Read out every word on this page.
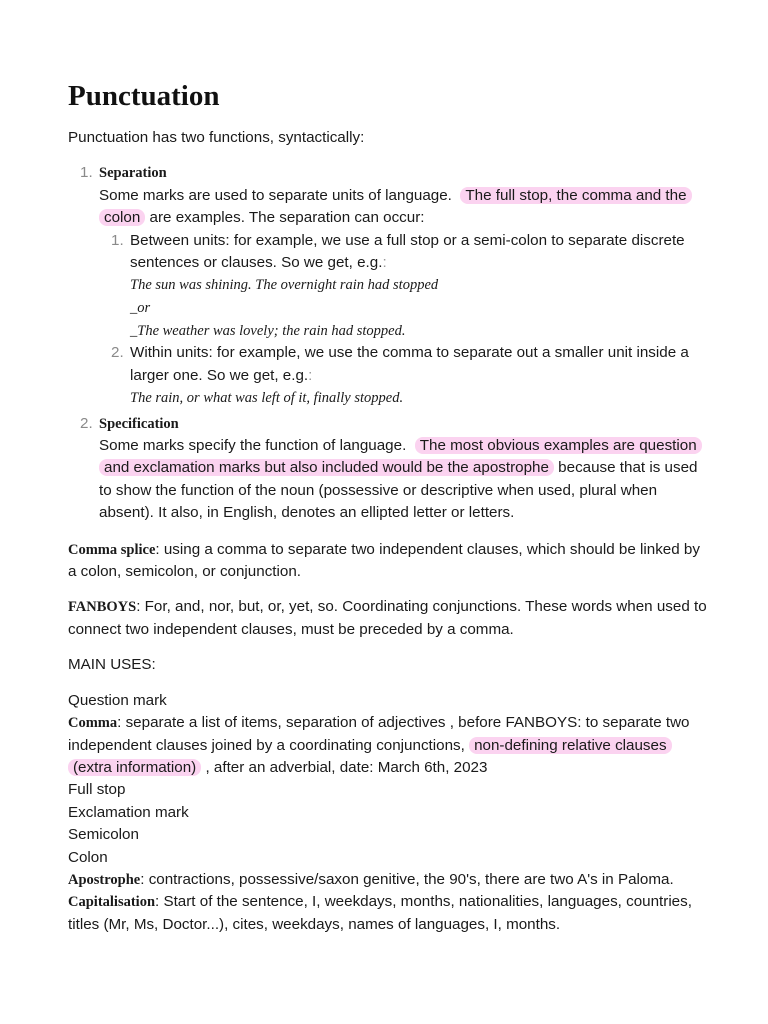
Punctuation

Punctuation has two functions, syntactically:

1. Separation

Some marks are used to separate units of language. The full stop, the comma and the colon are examples. The separation can occur:

1. Between units: for example, we use a full stop or a semi-colon to separate discrete sentences or clauses. So we get, e.g.:

The sun was shining. The overnight rain had stopped
_or
_The weather was lovely; the rain had stopped.
2. Within units: for example, we use the comma to separate out a smaller unit inside a larger one. So we get, e.g.:

The rain, or what was left of it, finally stopped.
2. Specification

Some marks specify the function of language. The most obvious examples are question and exclamation marks but also included would be the apostrophe because that is used to show the function of the noun (possessive or descriptive when used, plural when absent). It also, in English, denotes an ellipted letter or letters.

Comma splice: using a comma to separate two independent clauses, which should be linked by a colon, semicolon, or conjunction.

FANBOYS: For, and, nor, but, or, yet, so. Coordinating conjunctions. These words when used to connect two independent clauses, must be preceded by a comma.

MAIN USES:

Question mark

Comma: separate a list of items, separation of adjectives , before FANBOYS: to separate two independent clauses joined by a coordinating conjunctions, non-defining relative clauses (extra information) , after an adverbial, date: March 6th, 2023

Full stop

Exclamation mark

Semicolon

Colon

Apostrophe: contractions, possessive/saxon genitive, the 90's, there are two A's in Paloma.

Capitalisation: Start of the sentence, I, weekdays, months, nationalities, languages, countries, titles (Mr, Ms, Doctor...), cites, weekdays, names of languages, I, months.
